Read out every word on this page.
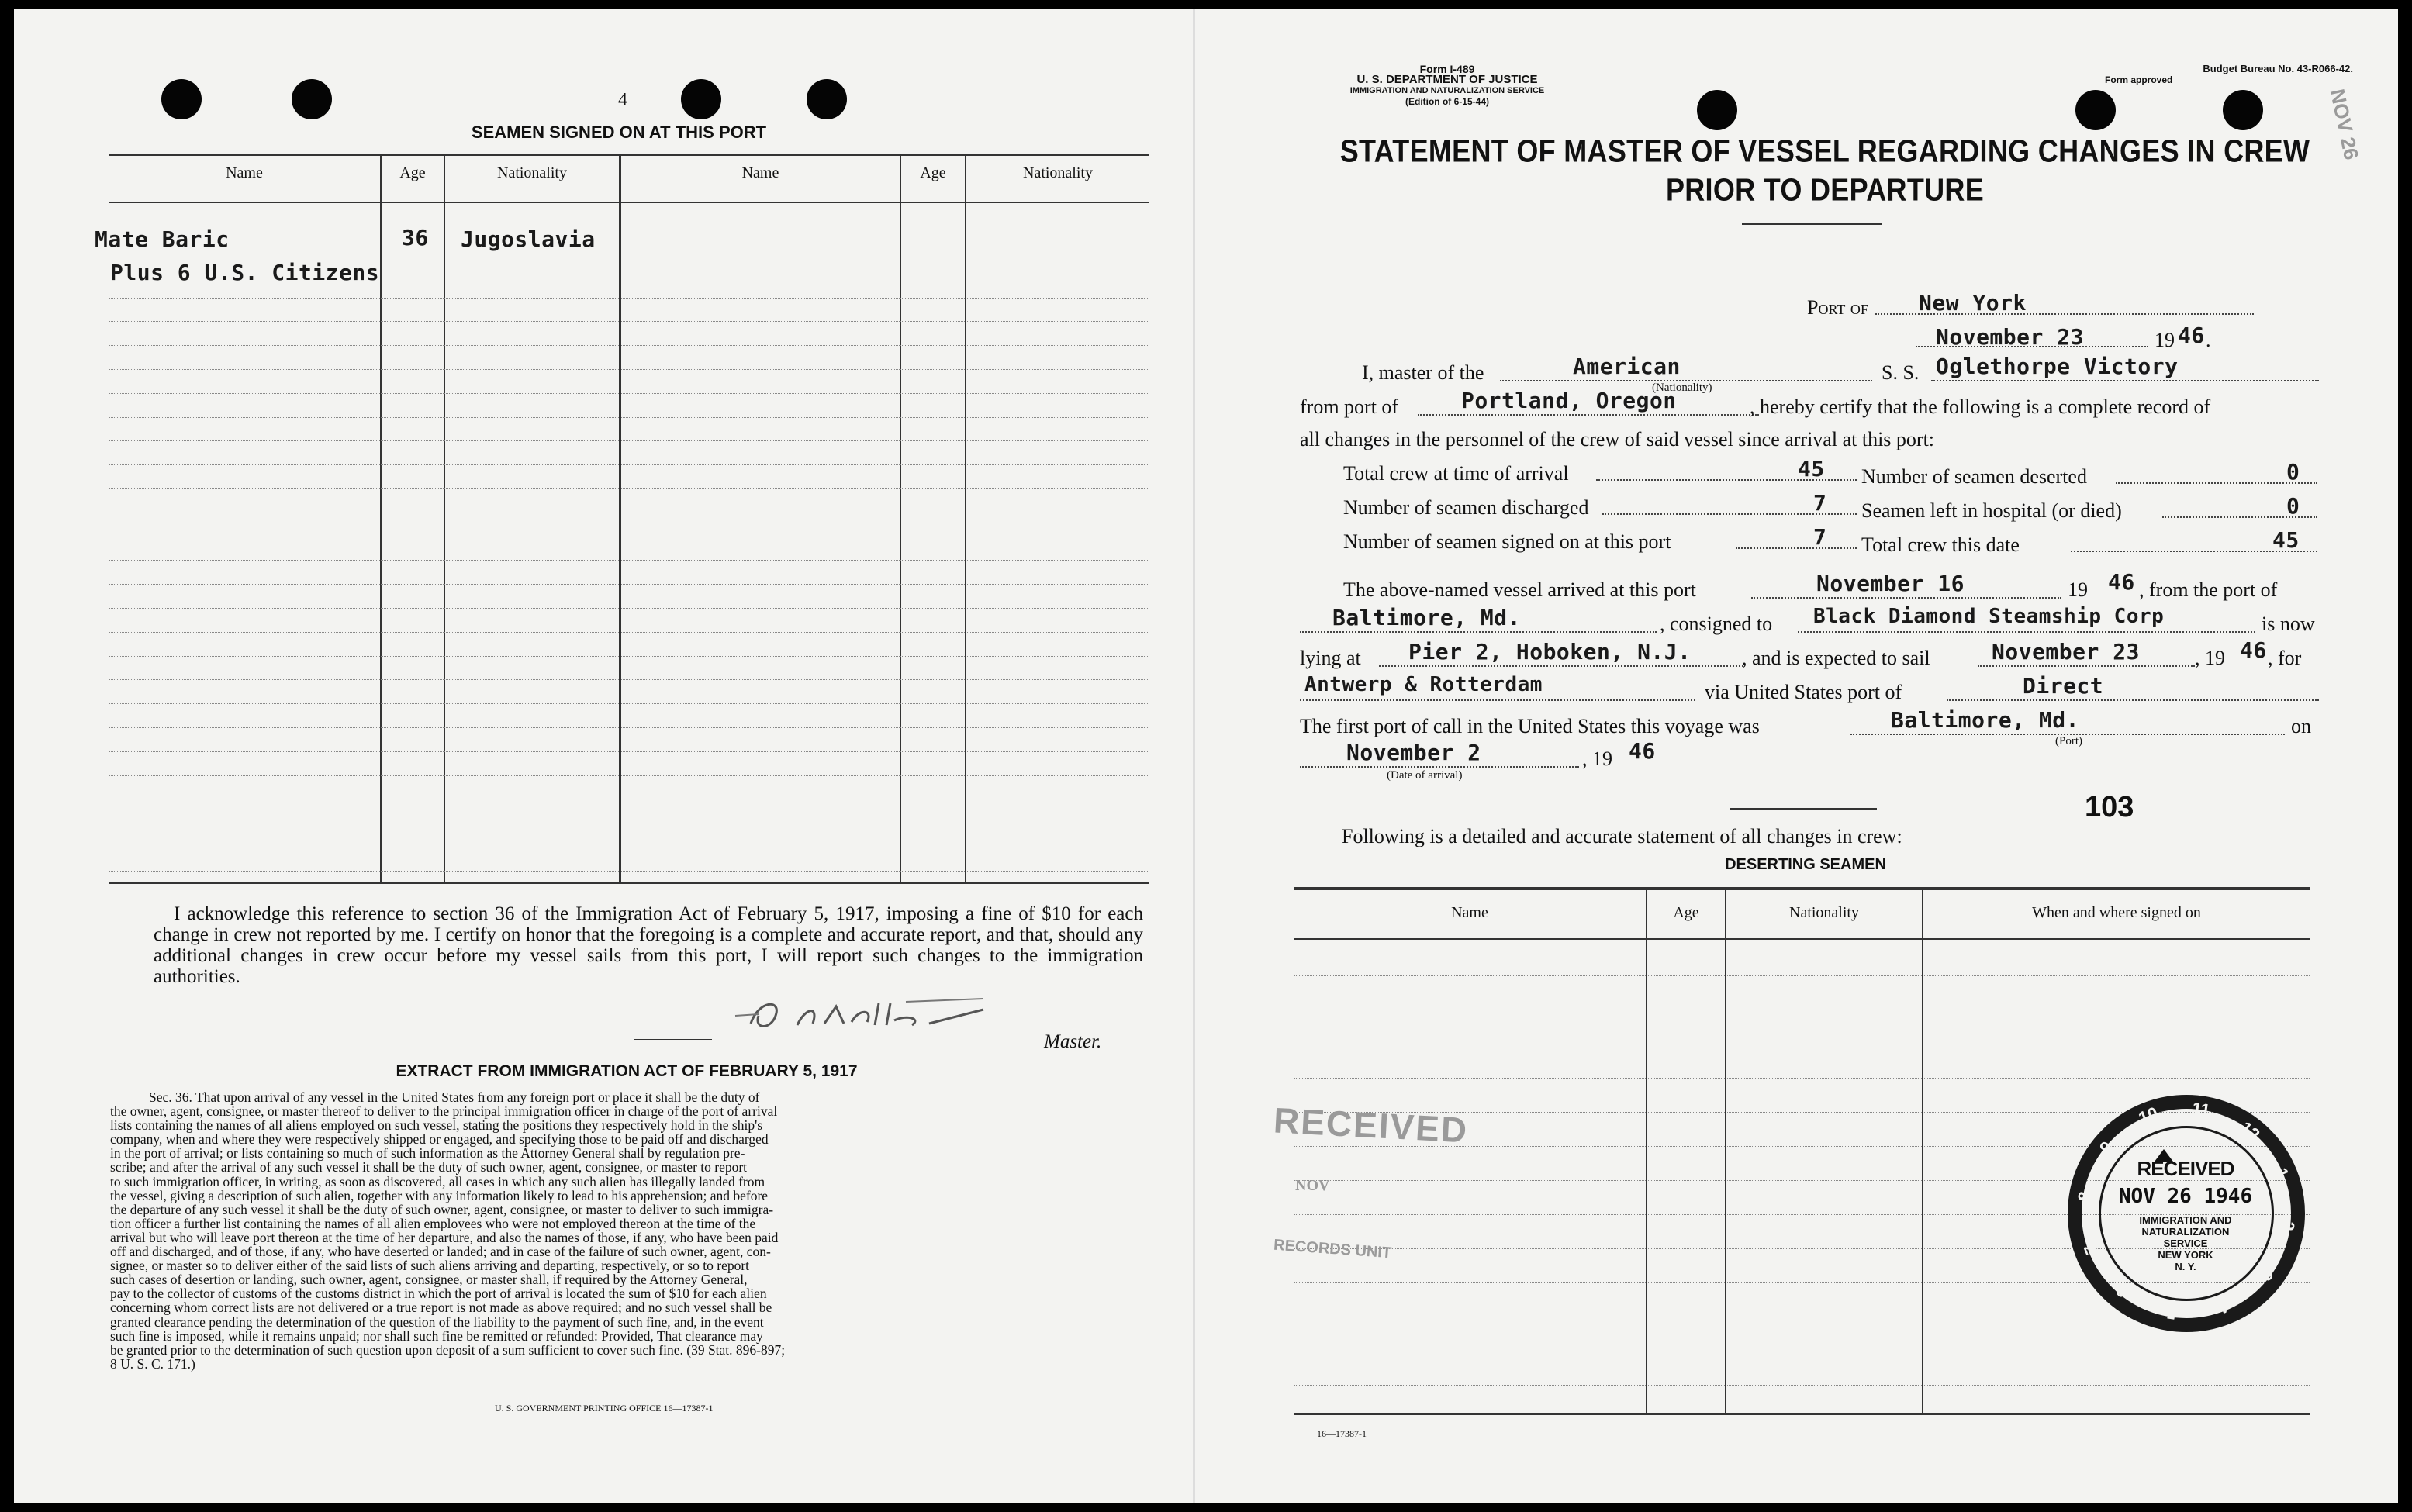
4
SEAMEN SIGNED ON AT THIS PORT
Name	Age	Nationality	Name	Age	Nationality
Mate Baric	36 Jugoslavia
Plus 6 U.S. Citizens
I acknowledge this reference to section 36 of the Immigration Act of February 5, 1917, imposing a fine of $10 for each change in crew not reported by me. I certify on honor that the foregoing is a complete and accurate report, and that, should any additional changes in crew occur before my vessel sails from this port, I will report such changes to the immigration authorities.
Master.
EXTRACT FROM IMMIGRATION ACT OF FEBRUARY 5, 1917
Sec. 36. That upon arrival of any vessel in the United States from any foreign port or place it shall be the duty of
the owner, agent, consignee, or master thereof to deliver to the principal immigration officer in charge of the port of arrival
lists containing the names of all aliens employed on such vessel, stating the positions they respectively hold in the ship's
company, when and where they were respectively shipped or engaged, and specifying those to be paid off and discharged
in the port of arrival; or lists containing so much of such information as the Attorney General shall by regulation pre-
scribe; and after the arrival of any such vessel it shall be the duty of such owner, agent, consignee, or master to report
to such immigration officer, in writing, as soon as discovered, all cases in which any such alien has illegally landed from
the vessel, giving a description of such alien, together with any information likely to lead to his apprehension; and before
the departure of any such vessel it shall be the duty of such owner, agent, consignee, or master to deliver to such immigra-
tion officer a further list containing the names of all alien employees who were not employed thereon at the time of the
arrival but who will leave port thereon at the time of her departure, and also the names of those, if any, who have been paid
off and discharged, and of those, if any, who have deserted or landed; and in case of the failure of such owner, agent, con-
signee, or master so to deliver either of the said lists of such aliens arriving and departing, respectively, or so to report
such cases of desertion or landing, such owner, agent, consignee, or master shall, if required by the Attorney General,
pay to the collector of customs of the customs district in which the port of arrival is located the sum of $10 for each alien
concerning whom correct lists are not delivered or a true report is not made as above required; and no such vessel shall be
granted clearance pending the determination of the question of the liability to the payment of such fine, and, in the event
such fine is imposed, while it remains unpaid; nor shall such fine be remitted or refunded: Provided, That clearance may
be granted prior to the determination of such question upon deposit of a sum sufficient to cover such fine. (39 Stat. 896-897;
8 U. S. C. 171.)
U. S. GOVERNMENT PRINTING OFFICE 16—17387-1
Form I-489
U. S. DEPARTMENT OF JUSTICE
IMMIGRATION AND NATURALIZATION SERVICE
(Edition of 6-15-44)
Budget Bureau No. 43-R066-42.
Form approved
STATEMENT OF MASTER OF VESSEL REGARDING CHANGES IN CREW
PRIOR TO DEPARTURE
Port of New York
November 23	19 46 .
I, master of the	American
(Nationality)
S. S. Oglethorpe Victory
from port of	Portland, Oregon	, hereby certify that the following is a complete record of
all changes in the personnel of the crew of said vessel since arrival at this port:
Total crew at time of arrival	45
Number of seamen discharged	7
Number of seamen signed on at this port	7
Number of seamen deserted	0
Seamen left in hospital (or died)	0
Total crew this date	45
The above-named vessel arrived at this port	November 16	19 46 , from the port of
Baltimore, Md.	, consigned to Black Diamond Steamship Corp	is now
lying at Pier 2, Hoboken, N.J.	, and is expected to sail	November 23	, 19 46 , for
Antwerp & Rotterdam	via United States port of	Direct
The first port of call in the United States this voyage was	Baltimore, Md.
(Port)
on
November 2
(Date of arrival)
, 19 46
103
Following is a detailed and accurate statement of all changes in crew:
DESERTING SEAMEN
Name	Age	Nationality	When and where signed on
RECEIVED
NOV
RECORDS UNIT
10 11
12
1
2
3
4
5
6
7
8
9
RECEIVED
NOV 26 1946
IMMIGRATION AND
NATURALIZATION
SERVICE
NEW YORK
N. Y.
NOV 26
16—17387-1
